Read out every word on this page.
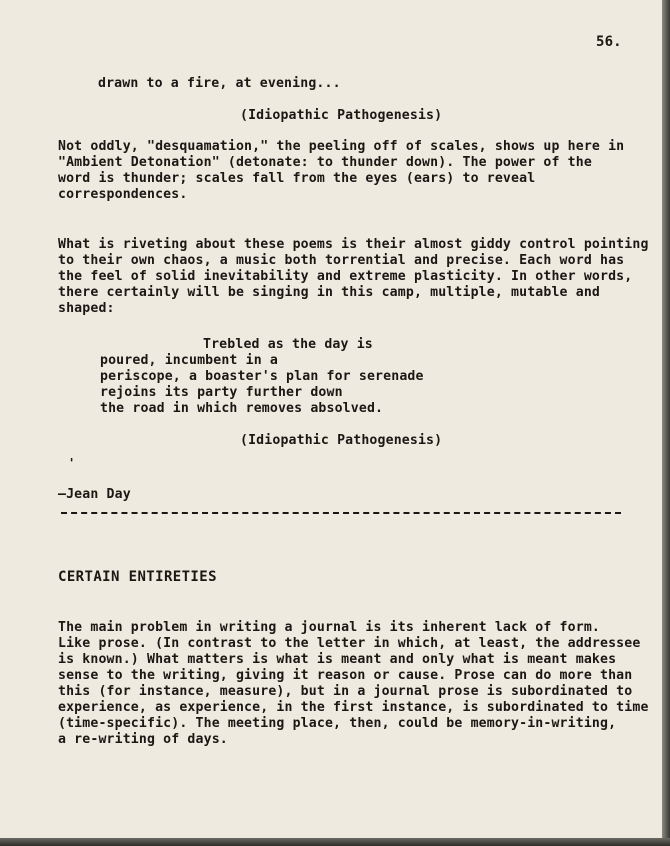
56.

drawn to a fire, at evening...

(Idiopathic Pathogenesis)

Not oddly, "desquamation," the peeling off of scales, shows up here in

"Ambient Detonation" (detonate: to thunder down). The power of the

word is thunder; scales fall from the eyes (ears) to reveal

correspondences.

What is riveting about these poems is their almost giddy control pointing

to their own chaos, a music both torrential and precise. Each word has

the feel of solid inevitability and extreme plasticity. In other words,

there certainly will be singing in this camp, multiple, mutable and

shaped:

Trebled as the day is

poured, incumbent in a

periscope, a boaster's plan for serenade

rejoins its party further down

the road in which removes absolved.

(Idiopathic Pathogenesis)

'

—Jean Day

CERTAIN ENTIRETIES

The main problem in writing a journal is its inherent lack of form.

Like prose. (In contrast to the letter in which, at least, the addressee

is known.) What matters is what is meant and only what is meant makes

sense to the writing, giving it reason or cause. Prose can do more than

this (for instance, measure), but in a journal prose is subordinated to

experience, as experience, in the first instance, is subordinated to time

(time-specific). The meeting place, then, could be memory-in-writing,

a re-writing of days.
